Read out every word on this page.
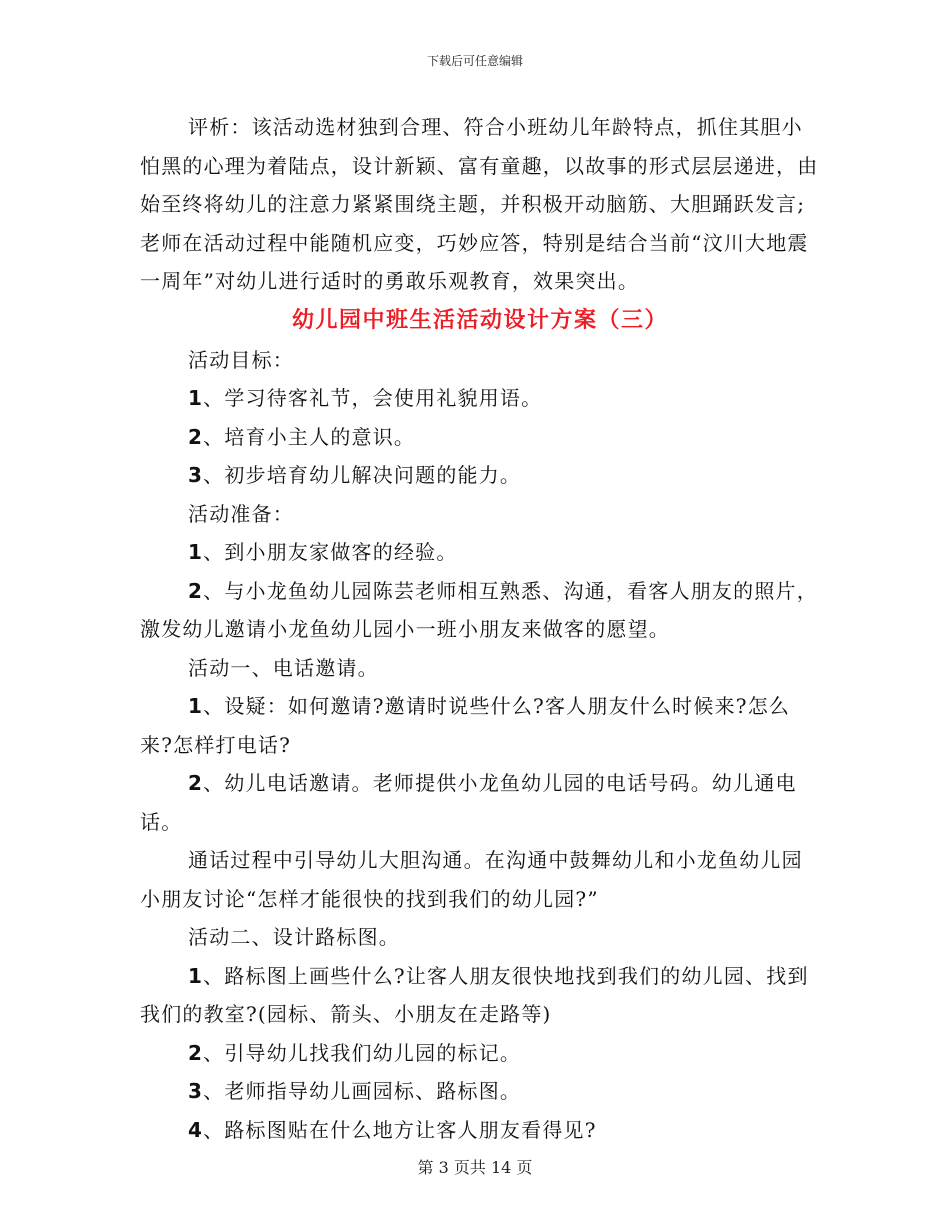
下载后可任意编辑

评析：该活动选材独到合理、符合小班幼儿年龄特点，抓住其胆小怕黑的心理为着陆点，设计新颖、富有童趣，以故事的形式层层递进，由始至终将幼儿的注意力紧紧围绕主题，并积极开动脑筋、大胆踊跃发言;老师在活动过程中能随机应变，巧妙应答，特别是结合当前“汶川大地震一周年”对幼儿进行适时的勇敢乐观教育，效果突出。

幼儿园中班生活活动设计方案（三）

活动目标：

1、学习待客礼节，会使用礼貌用语。

2、培育小主人的意识。

3、初步培育幼儿解决问题的能力。

活动准备：

1、到小朋友家做客的经验。

2、与小龙鱼幼儿园陈芸老师相互熟悉、沟通，看客人朋友的照片，激发幼儿邀请小龙鱼幼儿园小一班小朋友来做客的愿望。

活动一、电话邀请。

1、设疑：如何邀请?邀请时说些什么?客人朋友什么时候来?怎么来?怎样打电话?

2、幼儿电话邀请。老师提供小龙鱼幼儿园的电话号码。幼儿通电话。

通话过程中引导幼儿大胆沟通。在沟通中鼓舞幼儿和小龙鱼幼儿园小朋友讨论“怎样才能很快的找到我们的幼儿园?”

活动二、设计路标图。

1、路标图上画些什么?让客人朋友很快地找到我们的幼儿园、找到我们的教室?(园标、箭头、小朋友在走路等)

2、引导幼儿找我们幼儿园的标记。

3、老师指导幼儿画园标、路标图。

4、路标图贴在什么地方让客人朋友看得见?

第 3 页共 14 页
